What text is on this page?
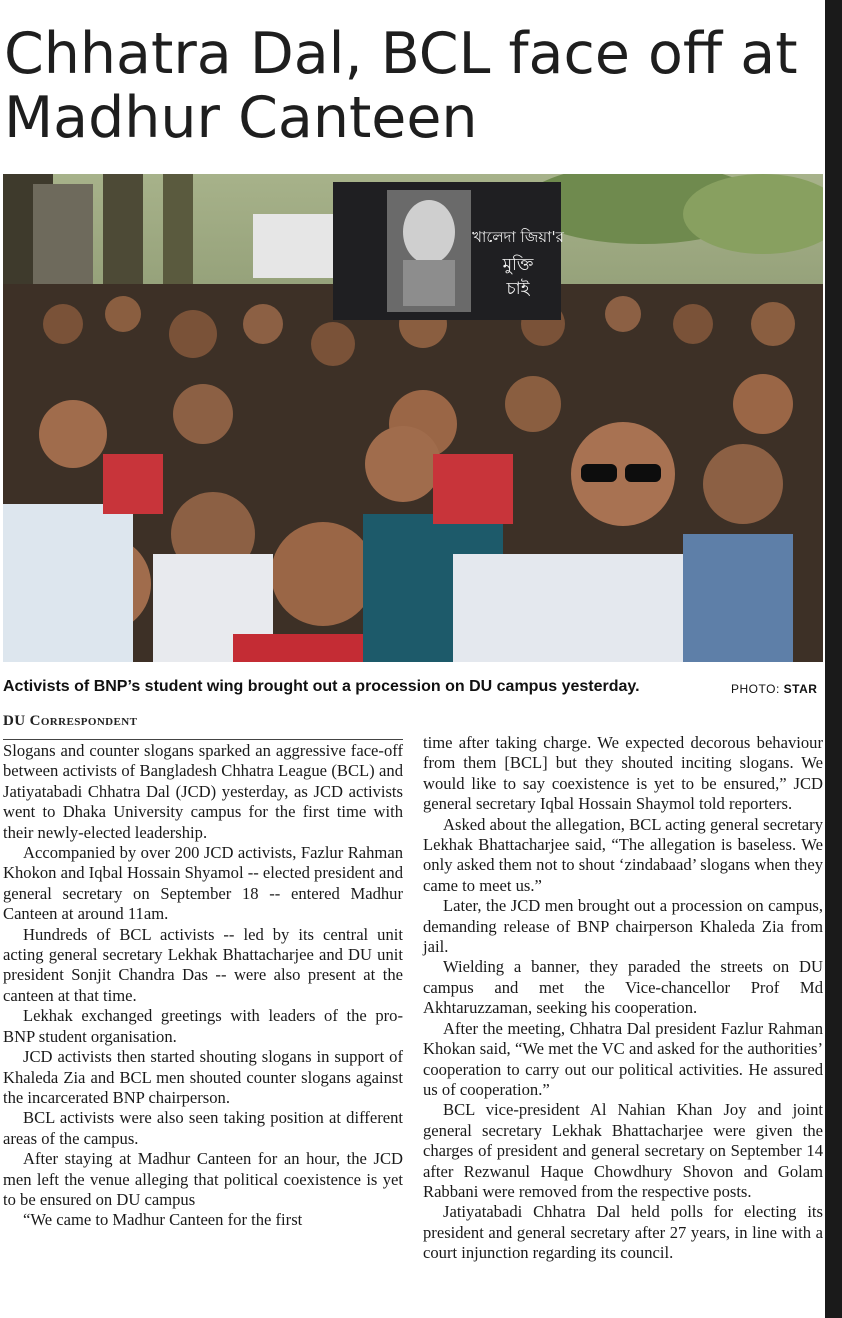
Chhatra Dal, BCL face off at
Madhur Canteen
খালেদা জিয়া'র
মুক্তি
চাই
Activists of BNP’s student wing brought out a procession on DU campus yesterday.	PHOTO: STAR
DU Correspondent

Slogans and counter slogans sparked an aggressive face-off between activists of Bangladesh Chhatra League (BCL) and Jatiyatabadi Chhatra Dal (JCD) yesterday, as JCD activists went to Dhaka University campus for the first time with their newly-elected leadership.

Accompanied by over 200 JCD activists, Fazlur Rahman Khokon and Iqbal Hossain Shyamol -- elected president and general secretary on September 18 -- entered Madhur Canteen at around 11am.

Hundreds of BCL activists -- led by its central unit acting general secretary Lekhak Bhattacharjee and DU unit president Sonjit Chandra Das -- were also present at the canteen at that time.

Lekhak exchanged greetings with leaders of the pro-BNP student organisation.

JCD activists then started shouting slogans in support of Khaleda Zia and BCL men shouted counter slogans against the incarcerated BNP chairperson.

BCL activists were also seen taking position at different areas of the campus.

After staying at Madhur Canteen for an hour, the JCD men left the venue alleging that political coexistence is yet to be ensured on DU campus

“We came to Madhur Canteen for the first

time after taking charge. We expected decorous behaviour from them [BCL] but they shouted inciting slogans. We would like to say coexistence is yet to be ensured,” JCD general secretary Iqbal Hossain Shaymol told reporters.

Asked about the allegation, BCL acting general secretary Lekhak Bhattacharjee said, “The allegation is baseless. We only asked them not to shout ‘zindabaad’ slogans when they came to meet us.”

Later, the JCD men brought out a procession on campus, demanding release of BNP chairperson Khaleda Zia from jail.

Wielding a banner, they paraded the streets on DU campus and met the Vice-chancellor Prof Md Akhtaruzzaman, seeking his cooperation.

After the meeting, Chhatra Dal president Fazlur Rahman Khokan said, “We met the VC and asked for the authorities’ cooperation to carry out our political activities. He assured us of cooperation.”

BCL vice-president Al Nahian Khan Joy and joint general secretary Lekhak Bhattacharjee were given the charges of president and general secretary on September 14 after Rezwanul Haque Chowdhury Shovon and Golam Rabbani were removed from the respective posts.

Jatiyatabadi Chhatra Dal held polls for electing its president and general secretary after 27 years, in line with a court injunction regarding its council.
